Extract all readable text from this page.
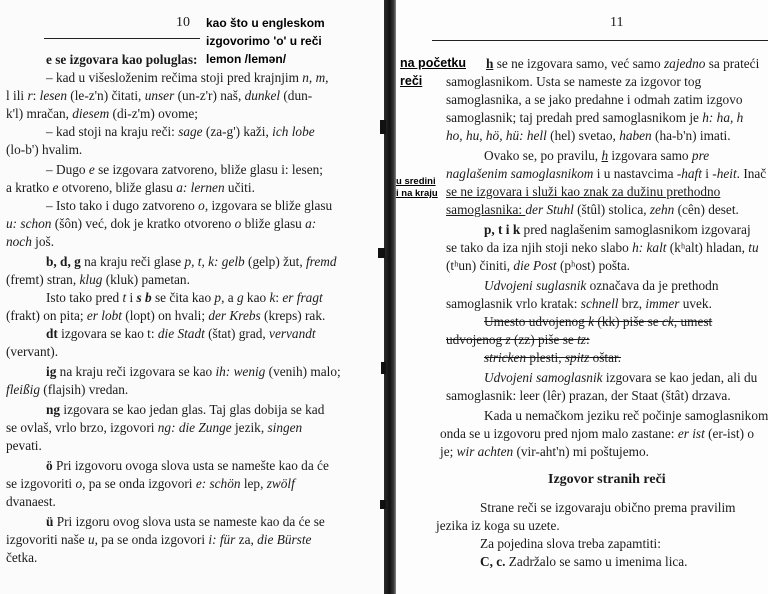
10 kao što u engleskom
izgovorimo 'o' u reči
lemon /lemən/
e se izgovara kao poluglas:
– kad u višesloženim rečima stoji pred krajnjim n, m,
l ili r: lesen (le-z'n) čitati, unser (un-z'r) naš, dunkel (dun-
k'l) mračan, diesem (di-z'm) ovome;
– kad stoji na kraju reči: sage (za-g') kaži, ich lobe
(lo-b') hvalim.
– Dugo e se izgovara zatvoreno, bliže glasu i: lesen;
a kratko e otvoreno, bliže glasu a: lernen učiti.
– Isto tako i dugo zatvoreno o, izgovara se bliže glasu
u: schon (šôn) već, dok je kratko otvoreno o bliže glasu a:
noch još.
b, d, g na kraju reči glase p, t, k: gelb (gelp) žut, fremd
(fremt) stran, klug (kluk) pametan.
Isto tako pred t i s b se čita kao p, a g kao k: er fragt
(frakt) on pita; er lobt (lopt) on hvali; der Krebs (kreps) rak.
dt izgovara se kao t: die Stadt (štat) grad, vervandt
(vervant).
ig na kraju reči izgovara se kao ih: wenig (venih) malo;
fleißig (flajsih) vredan.
ng izgovara se kao jedan glas. Taj glas dobija se kad
se ovlaš, vrlo brzo, izgovori ng: die Zunge jezik, singen
pevati.
ö Pri izgovoru ovoga slova usta se namešte kao da će
se izgovoriti o, pa se onda izgovori e: schön lep, zwölf
dvanaest.
ü Pri izgoru ovog slova usta se nameste kao da će se
izgovoriti naše u, pa se onda izgovori i: für za, die Bürste
četka.
11
na početku
reči
u sredini
i na kraju
h se ne izgovara samo, već samo zajedno sa prateći
samoglasnikom. Usta se nameste za izgovor tog
samoglasnika, a se jako predahne i odmah zatim izgovo
samoglasnik; taj predah pred samoglasnikom je h: ha, h
ho, hu, hö, hü: hell (hel) svetao, haben (ha-b'n) imati.
Ovako se, po pravilu, h izgovara samo pre
naglašenim samoglasnikom i u nastavcima -haft i -heit. Inač
se ne izgovara i služi kao znak za dužinu prethodno
samoglasnika: der Stuhl (štûl) stolica, zehn (cên) deset.
p, t i k pred naglašenim samoglasnikom izgovaraj
se tako da iza njih stoji neko slabo h: kalt (kʰalt) hladan, tu
(tʰun) činiti, die Post (pʰost) pošta.
Udvojeni suglasnik označava da je prethodn
samoglasnik vrlo kratak: schnell brz, immer uvek.
Umesto udvojenog k (kk) piše se ck, umest
udvojenog z (zz) piše se tz:
stricken plesti, spitz oštar.
Udvojeni samoglasnik izgovara se kao jedan, ali du
samoglasnik: leer (lêr) prazan, der Staat (štât) drzava.
Kada u nemačkom jeziku reč počinje samoglasnikom
onda se u izgovoru pred njom malo zastane: er ist (er-ist) o
je; wir achten (vir-aht'n) mi poštujemo.
Izgovor stranih reči
Strane reči se izgovaraju obično prema pravilim
jezika iz koga su uzete.
Za pojedina slova treba zapamtiti:
C, c. Zadržalo se samo u imenima lica.
